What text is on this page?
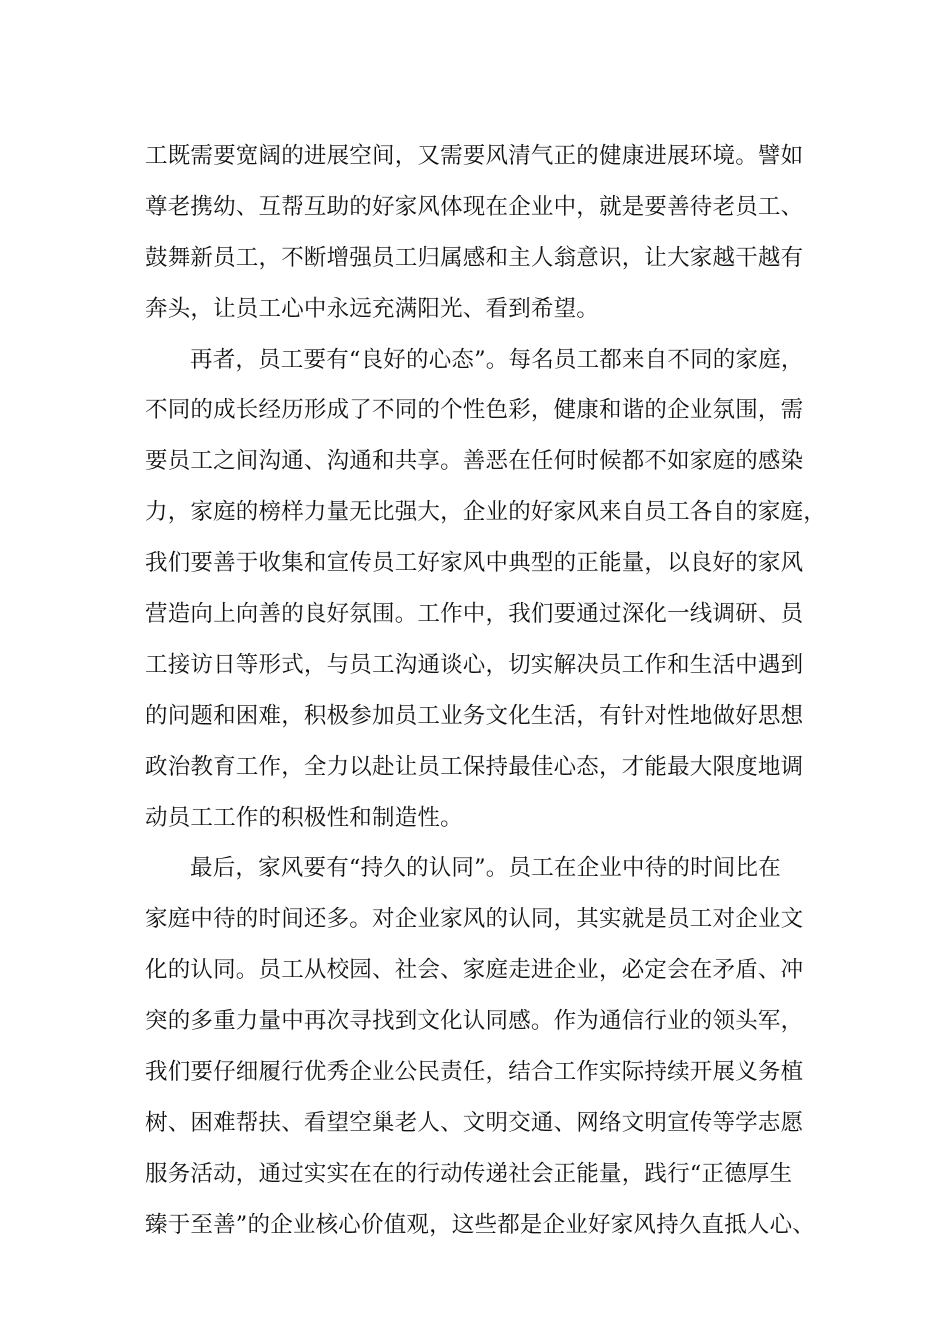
工既需要宽阔的进展空间，又需要风清气正的健康进展环境。譬如
尊老携幼、互帮互助的好家风体现在企业中，就是要善待老员工、
鼓舞新员工，不断增强员工归属感和主人翁意识，让大家越干越有
奔头，让员工心中永远充满阳光、看到希望。
再者，员工要有“良好的心态”。每名员工都来自不同的家庭，
不同的成长经历形成了不同的个性色彩，健康和谐的企业氛围，需
要员工之间沟通、沟通和共享。善恶在任何时候都不如家庭的感染
力，家庭的榜样力量无比强大，企业的好家风来自员工各自的家庭，
我们要善于收集和宣传员工好家风中典型的正能量，以良好的家风
营造向上向善的良好氛围。工作中，我们要通过深化一线调研、员
工接访日等形式，与员工沟通谈心，切实解决员工作和生活中遇到
的问题和困难，积极参加员工业务文化生活，有针对性地做好思想
政治教育工作，全力以赴让员工保持最佳心态，才能最大限度地调
动员工工作的积极性和制造性。
最后，家风要有“持久的认同”。员工在企业中待的时间比在
家庭中待的时间还多。对企业家风的认同，其实就是员工对企业文
化的认同。员工从校园、社会、家庭走进企业，必定会在矛盾、冲
突的多重力量中再次寻找到文化认同感。作为通信行业的领头军，
我们要仔细履行优秀企业公民责任，结合工作实际持续开展义务植
树、困难帮扶、看望空巢老人、文明交通、网络文明宣传等学志愿
服务活动，通过实实在在的行动传递社会正能量，践行“正德厚生
臻于至善”的企业核心价值观，这些都是企业好家风持久直抵人心、
